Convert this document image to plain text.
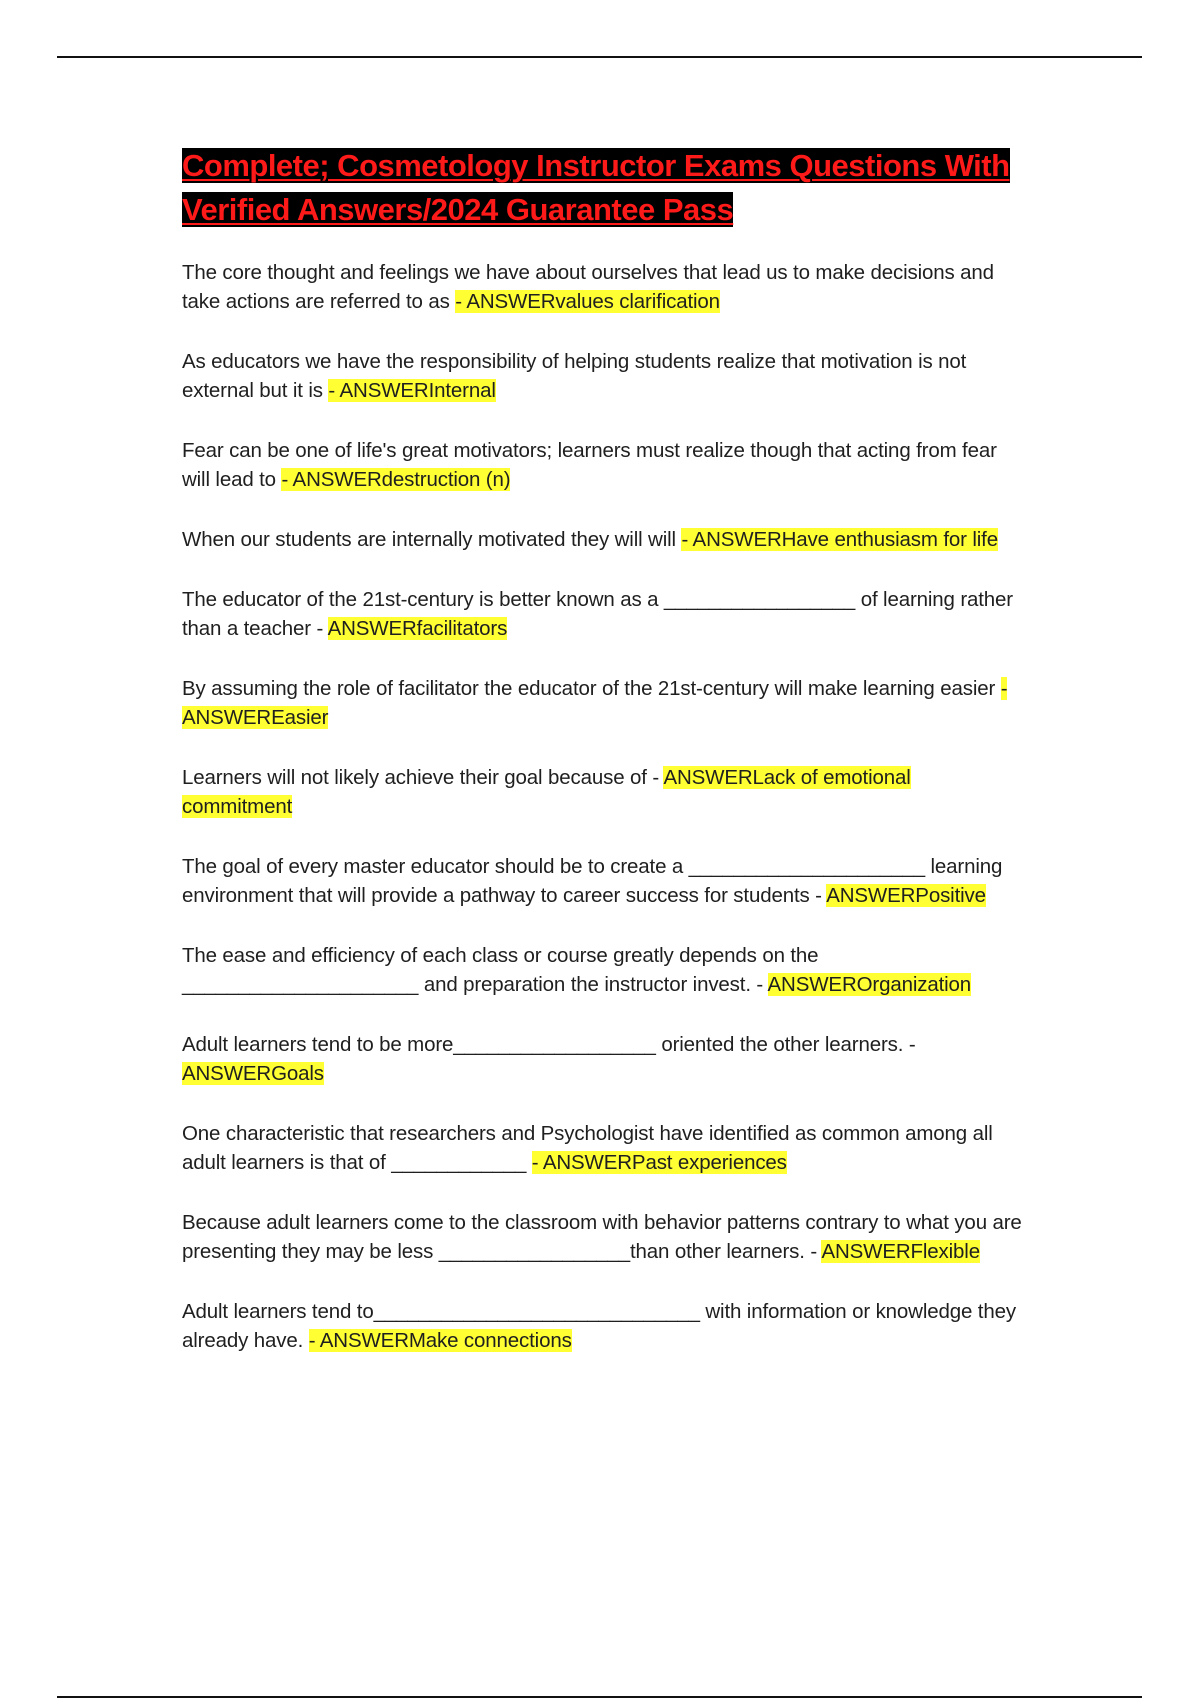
Complete; Cosmetology Instructor Exams Questions With Verified Answers/2024 Guarantee Pass

The core thought and feelings we have about ourselves that lead us to make decisions and take actions are referred to as - ANSWERvalues clarification

As educators we have the responsibility of helping students realize that motivation is not external but it is - ANSWERInternal

Fear can be one of life's great motivators; learners must realize though that acting from fear will lead to - ANSWERdestruction (n)

When our students are internally motivated they will will - ANSWERHave enthusiasm for life

The educator of the 21st-century is better known as a _________________ of learning rather than a teacher - ANSWERfacilitators

By assuming the role of facilitator the educator of the 21st-century will make learning easier - ANSWEREasier

Learners will not likely achieve their goal because of - ANSWERLack of emotional commitment

The goal of every master educator should be to create a _____________________ learning environment that will provide a pathway to career success for students - ANSWERPositive

The ease and efficiency of each class or course greatly depends on the _____________________ and preparation the instructor invest. - ANSWEROrganization

Adult learners tend to be more__________________ oriented the other learners. - ANSWERGoals

One characteristic that researchers and Psychologist have identified as common among all adult learners is that of ____________ - ANSWERPast experiences

Because adult learners come to the classroom with behavior patterns contrary to what you are presenting they may be less _________________than other learners. - ANSWERFlexible

Adult learners tend to_____________________________ with information or knowledge they already have. - ANSWERMake connections
